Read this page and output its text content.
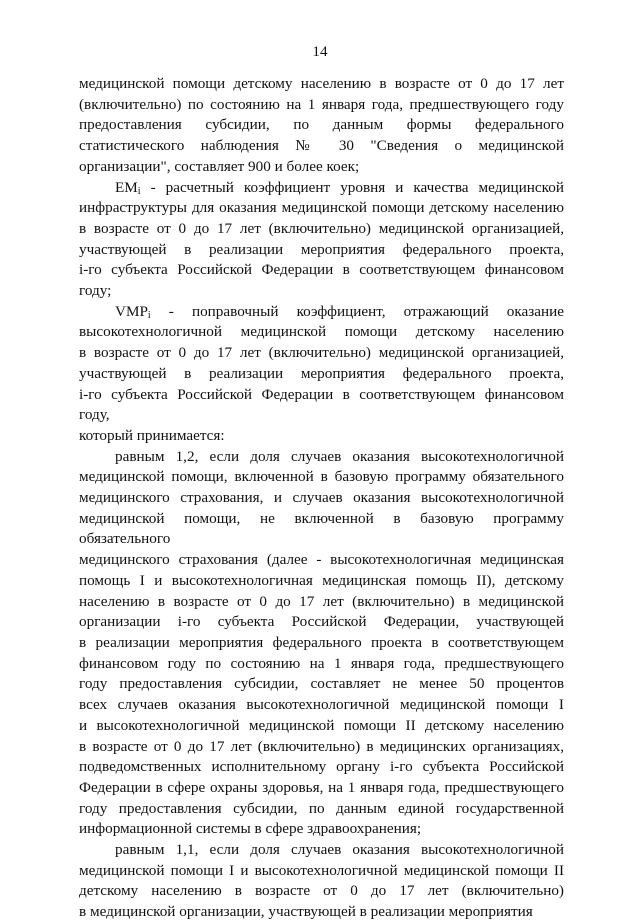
14
медицинской помощи детскому населению в возрасте от 0 до 17 лет
(включительно) по состоянию на 1 января года, предшествующего году
предоставления субсидии, по данным формы федерального
статистического наблюдения № 30 "Сведения о медицинской
организации", составляет 900 и более коек;
$EM_i$ - расчетный коэффициент уровня и качества медицинской
инфраструктуры для оказания медицинской помощи детскому населению
в возрасте от 0 до 17 лет (включительно) медицинской организацией,
участвующей в реализации мероприятия федерального проекта,
i-го субъекта Российской Федерации в соответствующем финансовом году;
$VMP_i$ - поправочный коэффициент, отражающий оказание
высокотехнологичной медицинской помощи детскому населению
в возрасте от 0 до 17 лет (включительно) медицинской организацией,
участвующей в реализации мероприятия федерального проекта,
i-го субъекта Российской Федерации в соответствующем финансовом году,
который принимается:
равным 1,2, если доля случаев оказания высокотехнологичной
медицинской помощи, включенной в базовую программу обязательного
медицинского страхования, и случаев оказания высокотехнологичной
медицинской помощи, не включенной в базовую программу обязательного
медицинского страхования (далее - высокотехнологичная медицинская
помощь I и высокотехнологичная медицинская помощь II), детскому
населению в возрасте от 0 до 17 лет (включительно) в медицинской
организации i-го субъекта Российской Федерации, участвующей
в реализации мероприятия федерального проекта в соответствующем
финансовом году по состоянию на 1 января года, предшествующего
году предоставления субсидии, составляет не менее 50 процентов
всех случаев оказания высокотехнологичной медицинской помощи I
и высокотехнологичной медицинской помощи II детскому населению
в возрасте от 0 до 17 лет (включительно) в медицинских организациях,
подведомственных исполнительному органу i-го субъекта Российской
Федерации в сфере охраны здоровья, на 1 января года, предшествующего
году предоставления субсидии, по данным единой государственной
информационной системы в сфере здравоохранения;
равным 1,1, если доля случаев оказания высокотехнологичной
медицинской помощи I и высокотехнологичной медицинской помощи II
детскому населению в возрасте от 0 до 17 лет (включительно)
в медицинской организации, участвующей в реализации мероприятия
